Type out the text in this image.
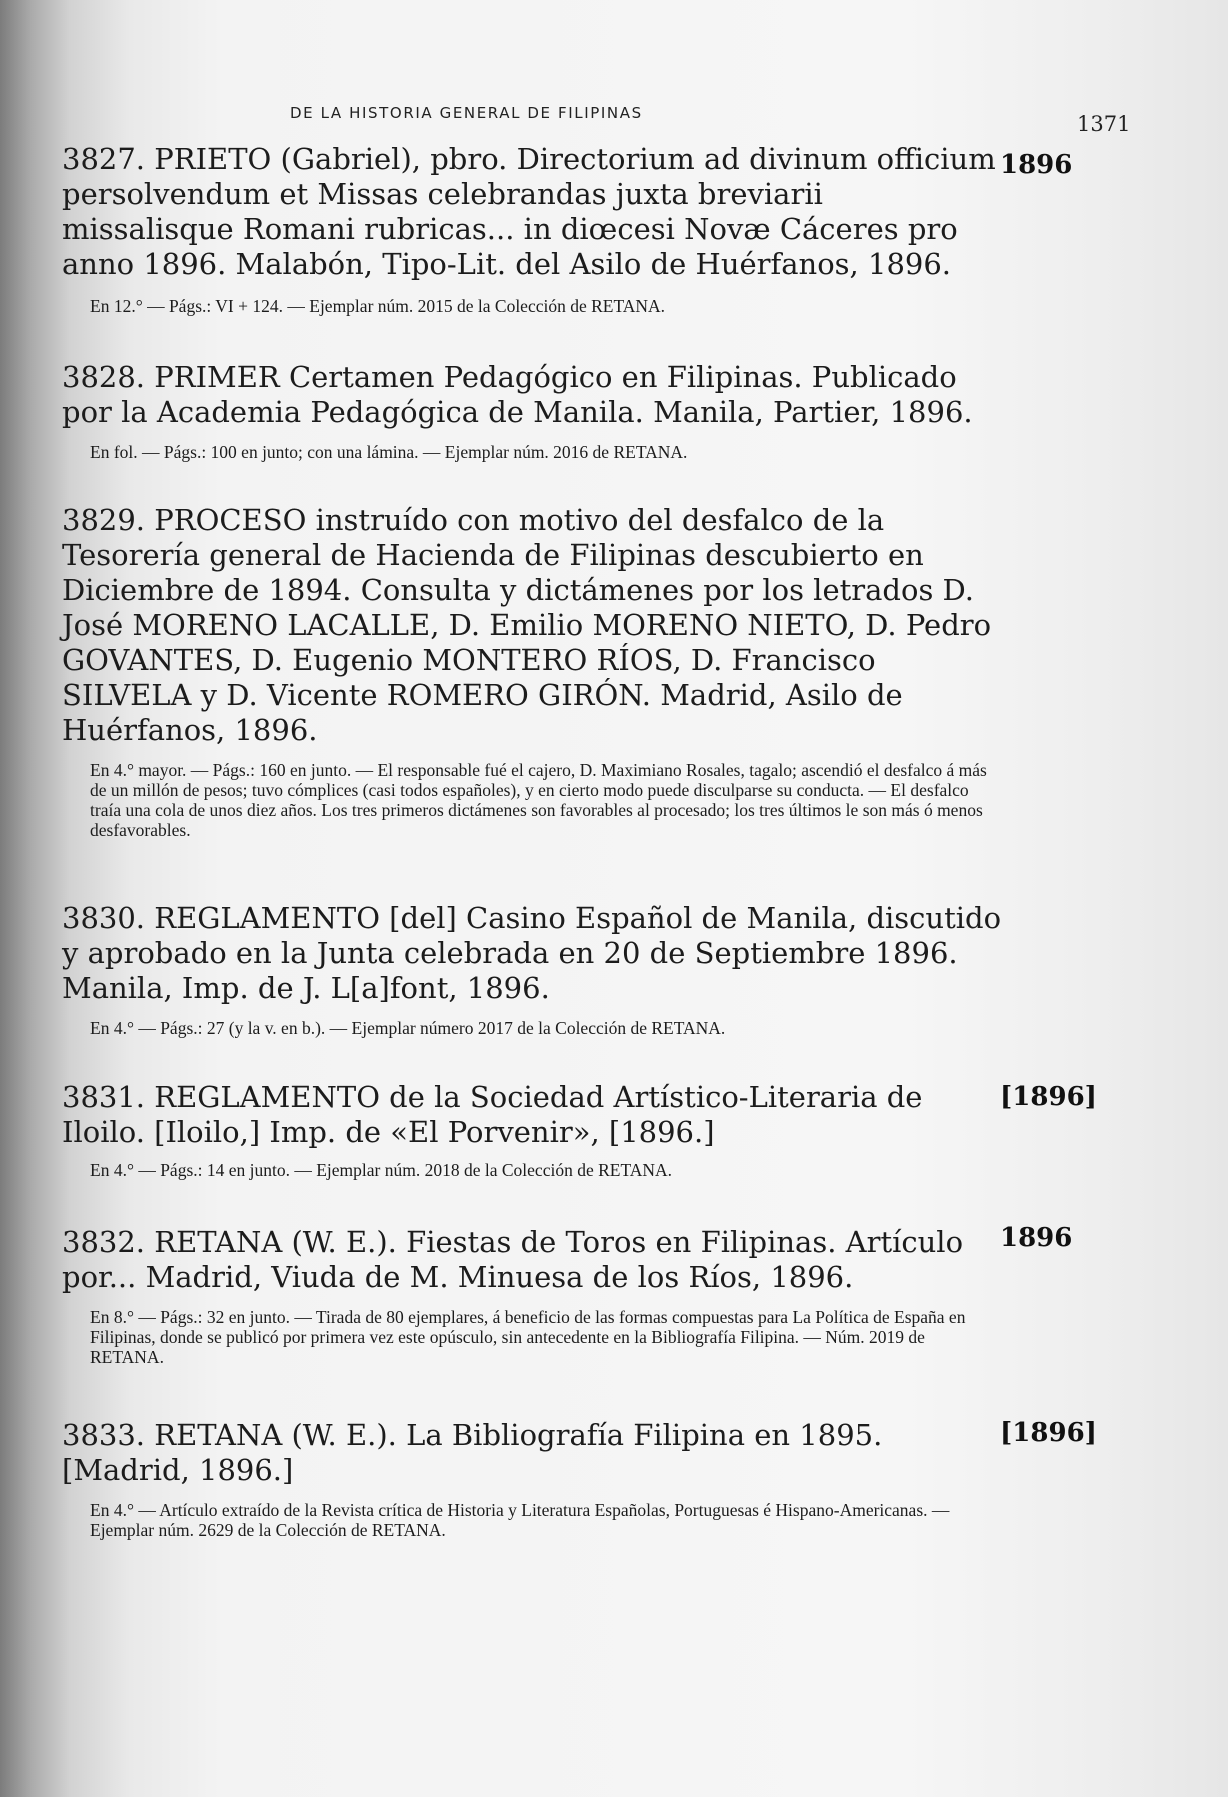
DE LA HISTORIA GENERAL DE FILIPINAS	1371

3827. PRIETO (Gabriel), pbro. Directorium ad divinum officium persolvendum et Missas celebrandas juxta breviarii missalisque Romani rubricas... in diœcesi Novæ Cáceres pro anno 1896. Malabón, Tipo-Lit. del Asilo de Huérfanos, 1896.

En 12.° — Págs.: VI + 124. — Ejemplar núm. 2015 de la Colección de RETANA.

1896

3828. PRIMER Certamen Pedagógico en Filipinas. Publicado por la Academia Pedagógica de Manila. Manila, Partier, 1896.

En fol. — Págs.: 100 en junto; con una lámina. — Ejemplar núm. 2016 de RETANA.

3829. PROCESO instruído con motivo del desfalco de la Tesorería general de Hacienda de Filipinas descubierto en Diciembre de 1894. Consulta y dictámenes por los letrados D. José MORENO LACALLE, D. Emilio MORENO NIETO, D. Pedro GOVANTES, D. Eugenio MONTERO RÍOS, D. Francisco SILVELA y D. Vicente ROMERO GIRÓN. Madrid, Asilo de Huérfanos, 1896.

En 4.° mayor. — Págs.: 160 en junto. — El responsable fué el cajero, D. Maximiano Rosales, tagalo; ascendió el desfalco á más de un millón de pesos; tuvo cómplices (casi todos españoles), y en cierto modo puede disculparse su conducta. — El desfalco traía una cola de unos diez años. Los tres primeros dictámenes son favorables al procesado; los tres últimos le son más ó menos desfavorables.

3830. REGLAMENTO [del] Casino Español de Manila, discutido y aprobado en la Junta celebrada en 20 de Septiembre 1896. Manila, Imp. de J. L[a]font, 1896.

En 4.° — Págs.: 27 (y la v. en b.). — Ejemplar número 2017 de la Colección de RETANA.

3831. REGLAMENTO de la Sociedad Artístico-Literaria de Iloilo. [Iloilo,] Imp. de «El Porvenir», [1896.]

En 4.° — Págs.: 14 en junto. — Ejemplar núm. 2018 de la Colección de RETANA.

[1896]

3832. RETANA (W. E.). Fiestas de Toros en Filipinas. Artículo por... Madrid, Viuda de M. Minuesa de los Ríos, 1896.

En 8.° — Págs.: 32 en junto. — Tirada de 80 ejemplares, á beneficio de las formas compuestas para La Política de España en Filipinas, donde se publicó por primera vez este opúsculo, sin antecedente en la Bibliografía Filipina. — Núm. 2019 de RETANA.

1896

3833. RETANA (W. E.). La Bibliografía Filipina en 1895. [Madrid, 1896.]

En 4.° — Artículo extraído de la Revista crítica de Historia y Literatura Españolas, Portuguesas é Hispano-Americanas. — Ejemplar núm. 2629 de la Colección de RETANA.

[1896]
